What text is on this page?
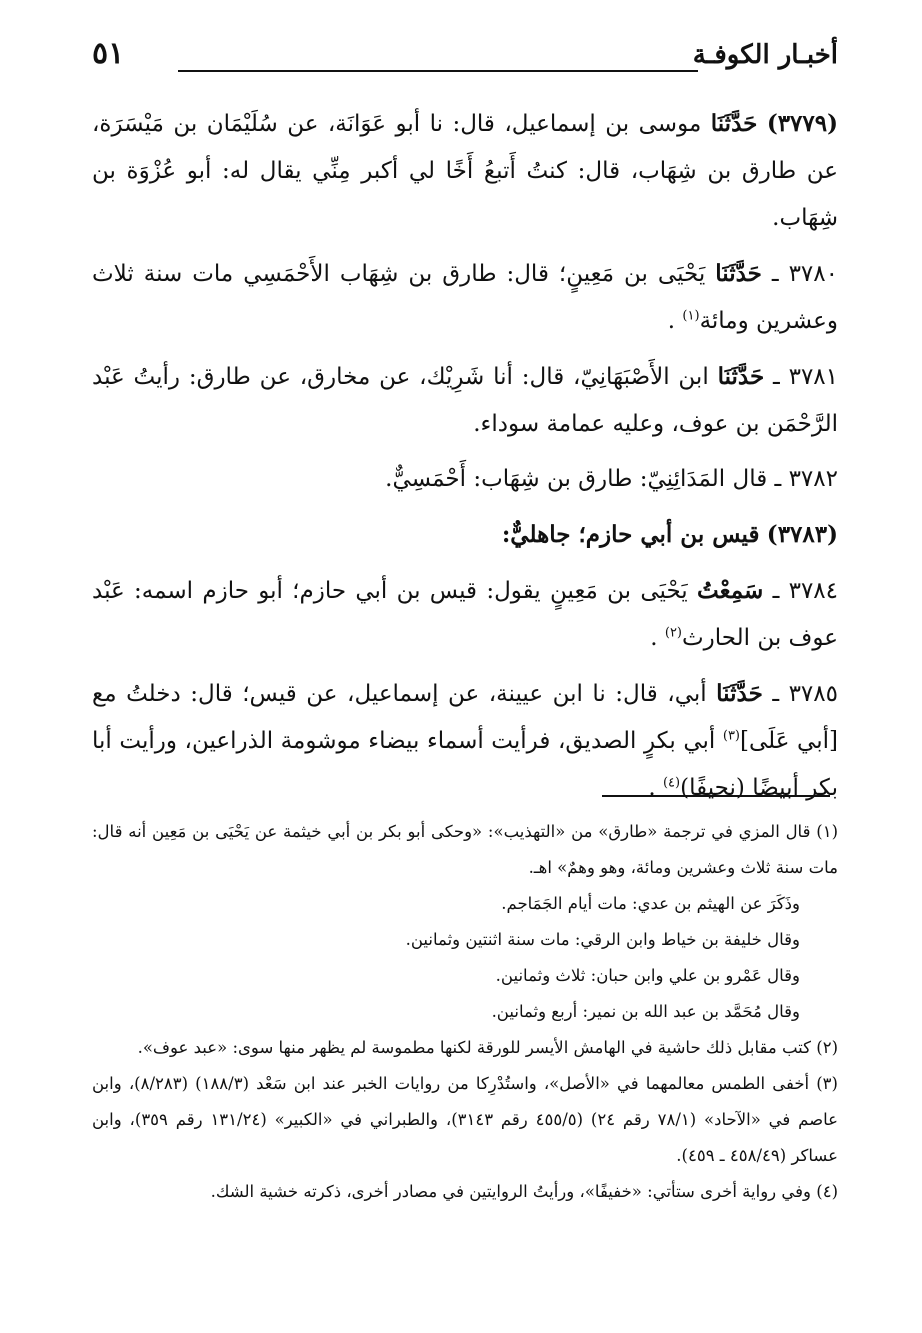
٥١	أخبـار الكوفـة

(٣٧٧٩) حَدَّثَنَا موسى بن إسماعيل، قال: نا أبو عَوَانَة، عن سُلَيْمَان بن مَيْسَرَة، عن طارق بن شِهَاب، قال: كنتُ أَتبعُ أَخًا لي أكبر مِنِّي يقال له: أبو عُزْوَة بن شِهَاب.

٣٧٨٠ ـ حَدَّثَنَا يَحْيَى بن مَعِينٍ؛ قال: طارق بن شِهَاب الأَحْمَسِي مات سنة ثلاث وعشرين ومائة$^{(١)}$ .

٣٧٨١ ـ حَدَّثَنَا ابن الأَصْبَهَانِيّ، قال: أنا شَرِيْك، عن مخارق، عن طارق: رأيتُ عَبْد الرَّحْمَن بن عوف، وعليه عمامة سوداء.

٣٧٨٢ ـ قال المَدَائِنِيّ: طارق بن شِهَاب: أَحْمَسِيٌّ.

(٣٧٨٣) قيس بن أبي حازم؛ جاهليٌّ:

٣٧٨٤ ـ سَمِعْتُ يَحْيَى بن مَعِينٍ يقول: قيس بن أبي حازم؛ أبو حازم اسمه: عَبْد عوف بن الحارث$^{(٢)}$ .

٣٧٨٥ ـ حَدَّثَنَا أبي، قال: نا ابن عيينة، عن إسماعيل، عن قيس؛ قال: دخلتُ مع [أبي عَلَى]$^{(٣)}$ أبي بكرٍ الصديق، فرأيت أسماء بيضاء موشومة الذراعين، ورأيت أبا بكر أبيضًا (نحيفًا)$^{(٤)}$ .

(١) قال المزي في ترجمة «طارق» من «التهذيب»: «وحكى أبو بكر بن أبي خيثمة عن يَحْيَى بن مَعِين أنه قال: مات سنة ثلاث وعشرين ومائة، وهو وهمٌ» اهـ.

وذَكَرَ عن الهيثم بن عدي: مات أيام الجَمَاجم.

وقال خليفة بن خياط وابن الرقي: مات سنة اثنتين وثمانين.

وقال عَمْرو بن علي وابن حبان: ثلاث وثمانين.

وقال مُحَمَّد بن عبد الله بن نمير: أربع وثمانين.

(٢) كتب مقابل ذلك حاشية في الهامش الأيسر للورقة لكنها مطموسة لم يظهر منها سوى: «عبد عوف».

(٣) أخفى الطمس معالمهما في «الأصل»، واستُدْرِكا من روايات الخبر عند ابن سَعْد (١٨٨/٣) (٨/٢٨٣)، وابن عاصم في «الآحاد» (٧٨/١ رقم ٢٤) (٤٥٥/٥ رقم ٣١٤٣)، والطبراني في «الكبير» (١٣١/٢٤ رقم ٣٥٩)، وابن عساكر (٤٥٨/٤٩ ـ ٤٥٩).

(٤) وفي رواية أخرى ستأتي: «خفيفًا»، ورأيتُ الروايتين في مصادر أخرى، ذكرته خشية الشك.
